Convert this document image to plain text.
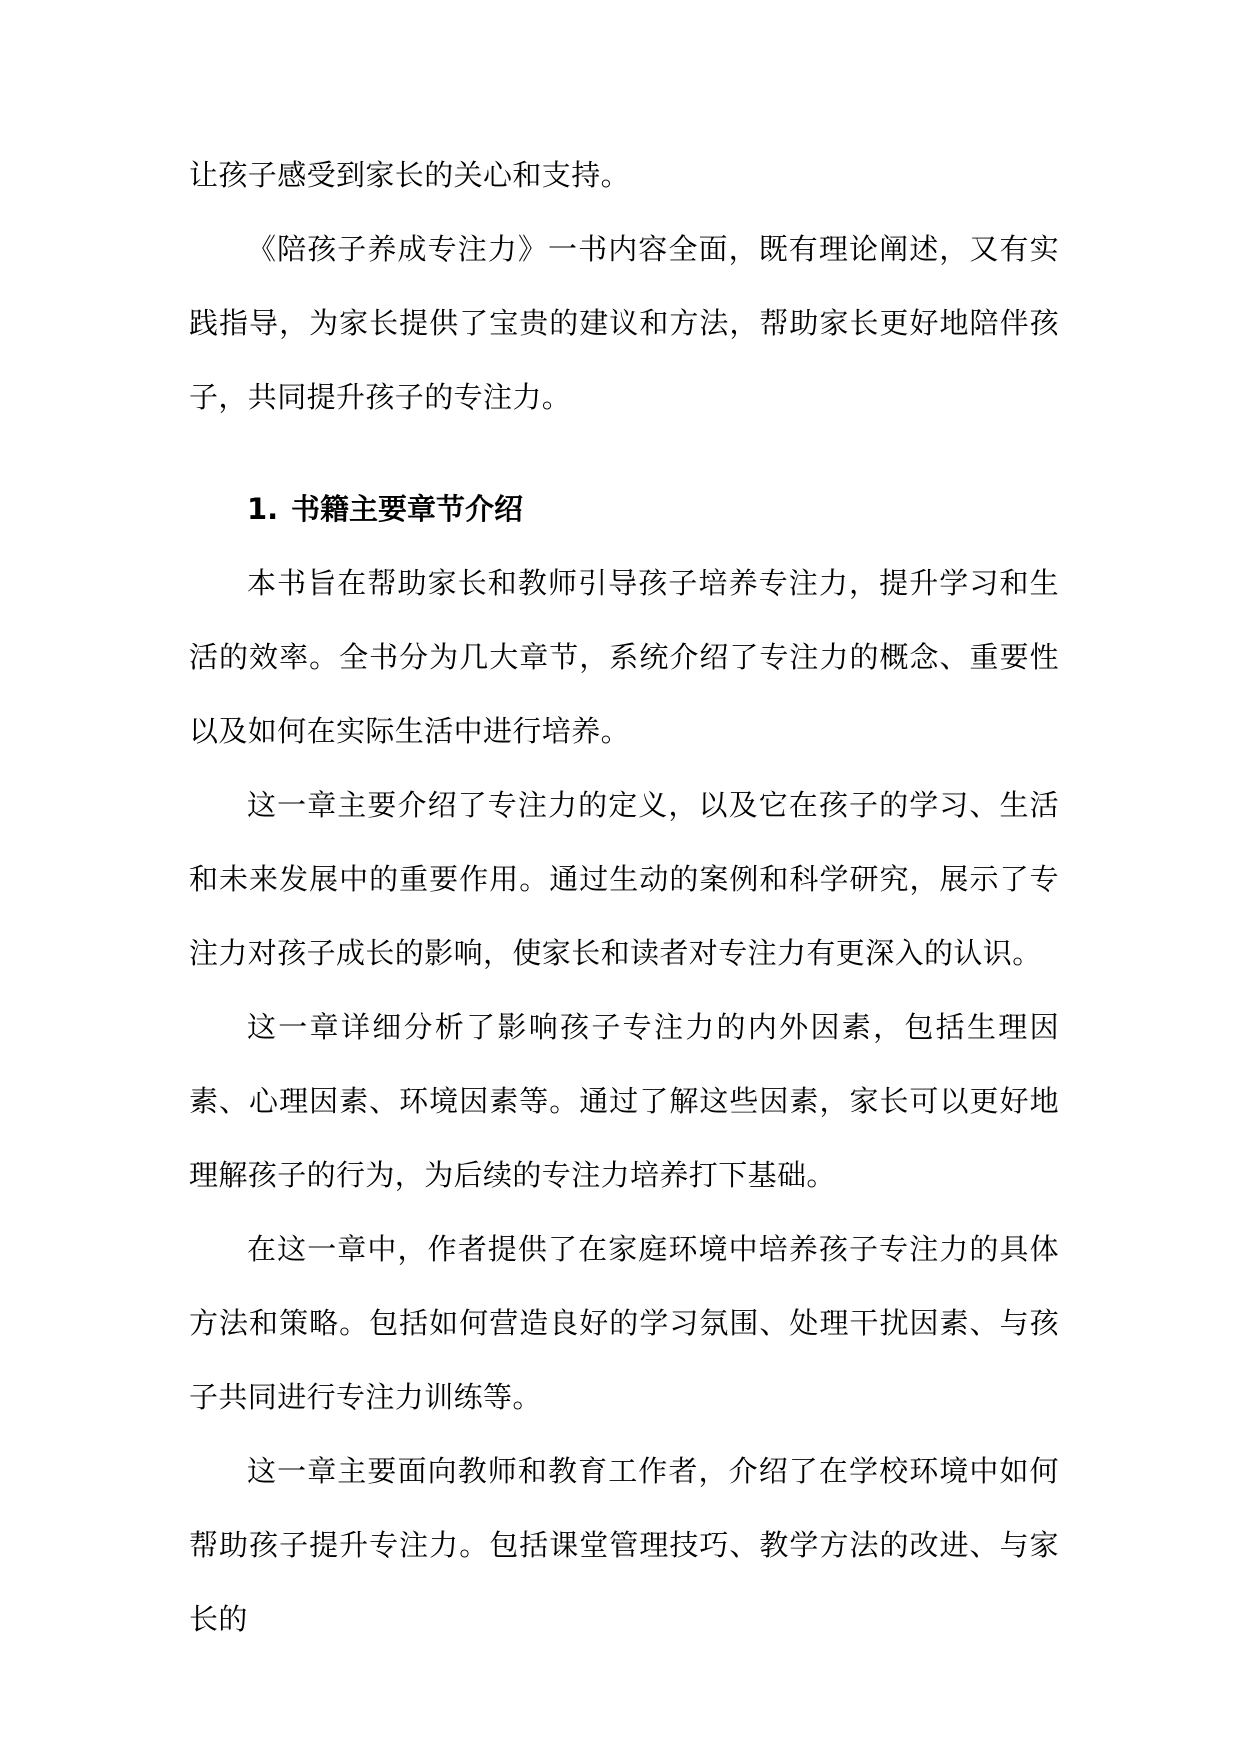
让孩子感受到家长的关心和支持。

《陪孩子养成专注力》一书内容全面，既有理论阐述，又有实践指导，为家长提供了宝贵的建议和方法，帮助家长更好地陪伴孩子，共同提升孩子的专注力。

1. 书籍主要章节介绍

本书旨在帮助家长和教师引导孩子培养专注力，提升学习和生活的效率。全书分为几大章节，系统介绍了专注力的概念、重要性以及如何在实际生活中进行培养。

这一章主要介绍了专注力的定义，以及它在孩子的学习、生活和未来发展中的重要作用。通过生动的案例和科学研究，展示了专注力对孩子成长的影响，使家长和读者对专注力有更深入的认识。

这一章详细分析了影响孩子专注力的内外因素，包括生理因素、心理因素、环境因素等。通过了解这些因素，家长可以更好地理解孩子的行为，为后续的专注力培养打下基础。

在这一章中，作者提供了在家庭环境中培养孩子专注力的具体方法和策略。包括如何营造良好的学习氛围、处理干扰因素、与孩子共同进行专注力训练等。

这一章主要面向教师和教育工作者，介绍了在学校环境中如何帮助孩子提升专注力。包括课堂管理技巧、教学方法的改进、与家长的
